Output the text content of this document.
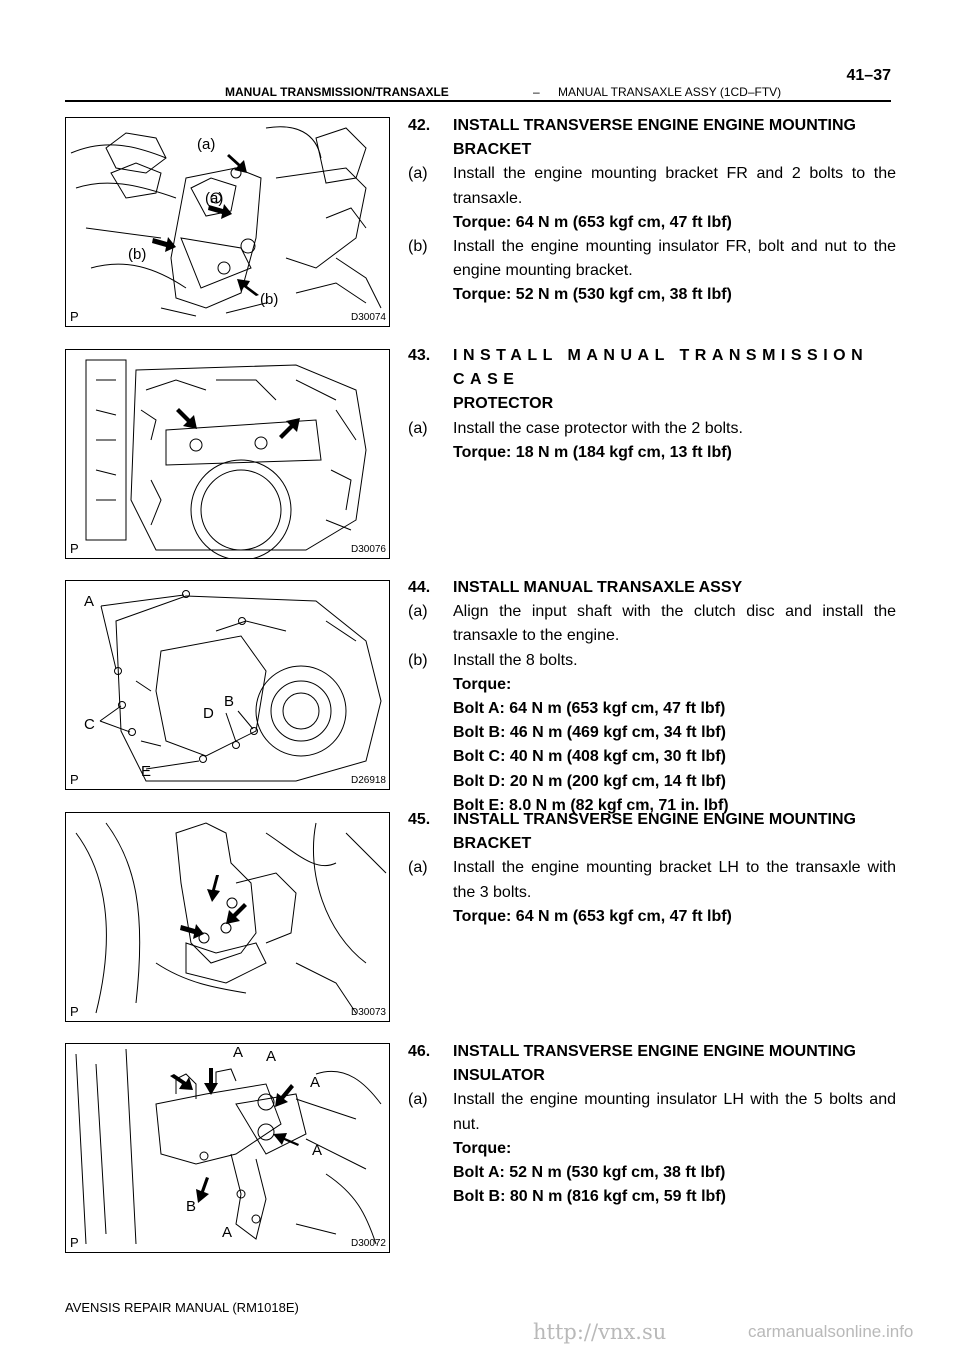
MANUAL TRANSMISSION/TRANSAXLE	– MANUAL TRANSAXLE ASSY (1CD–FTV)
41–37
(a)
(a)
(b)
(b)
P	D30074
P	D30076
A
C
E
D
B
P	D26918
P	D30073
A A
A
A
B
A
P	D30072
42. INSTALL TRANSVERSE ENGINE ENGINE MOUNTING
BRACKET
(a) Install the engine mounting bracket FR and 2 bolts to the transaxle.
Torque: 64 N m (653 kgf cm, 47 ft lbf)
(b) Install the engine mounting insulator FR, bolt and nut to the engine mounting bracket.
Torque: 52 N m (530 kgf cm, 38 ft lbf)
43. INSTALL MANUAL TRANSMISSION CASE
PROTECTOR
(a) Install the case protector with the 2 bolts.
Torque: 18 N m (184 kgf cm, 13 ft lbf)
44. INSTALL MANUAL TRANSAXLE ASSY
(a) Align the input shaft with the clutch disc and install the transaxle to the engine.
(b) Install the 8 bolts.
Torque:
Bolt A: 64 N m (653 kgf cm, 47 ft lbf)
Bolt B: 46 N m (469 kgf cm, 34 ft lbf)
Bolt C: 40 N m (408 kgf cm, 30 ft lbf)
Bolt D: 20 N m (200 kgf cm, 14 ft lbf)
Bolt E: 8.0 N m (82 kgf cm, 71 in. lbf)
45. INSTALL TRANSVERSE ENGINE ENGINE MOUNTING
BRACKET
(a) Install the engine mounting bracket LH to the transaxle with the 3 bolts.
Torque: 64 N m (653 kgf cm, 47 ft lbf)
46. INSTALL TRANSVERSE ENGINE ENGINE MOUNTING
INSULATOR
(a) Install the engine mounting insulator LH with the 5 bolts and nut.
Torque:
Bolt A: 52 N m (530 kgf cm, 38 ft lbf)
Bolt B: 80 N m (816 kgf cm, 59 ft lbf)
AVENSIS REPAIR MANUAL (RM1018E)
http://vnx.su	carmanualsonline.info
